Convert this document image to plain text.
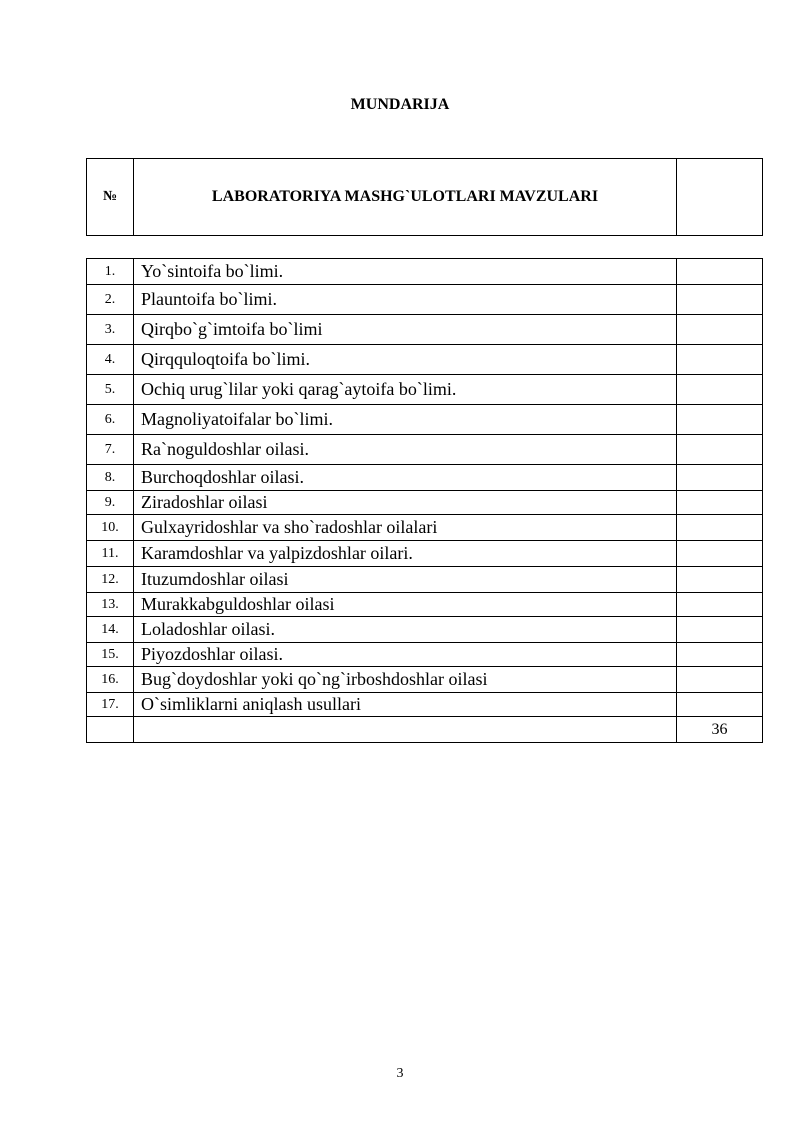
MUNDARIJA
№	LABORATORIYA MASHG`ULOTLARI MAVZULARI	
1.	Yo`sintoifa bo`limi.	
2.	Plauntoifa bo`limi.	
3.	Qirqbo`g`imtoifa bo`limi	
4.	Qirqquloqtoifa bo`limi.	
5.	Ochiq urug`lilar yoki qarag`aytoifa bo`limi.	
6.	Magnoliyatoifalar bo`limi.	
7.	Ra`noguldoshlar oilasi.	
8.	Burchoqdoshlar oilasi.	
9.	Ziradoshlar oilasi	
10.	Gulxayridoshlar va sho`radoshlar oilalari	
11.	Karamdoshlar va yalpizdoshlar oilari.	
12.	Ituzumdoshlar oilasi	
13.	Murakkabguldoshlar oilasi	
14.	Loladoshlar oilasi.	
15.	Piyozdoshlar oilasi.	
16.	Bug`doydoshlar yoki qo`ng`irboshdoshlar oilasi	
17.	O`simliklarni aniqlash usullari	
		36
3
